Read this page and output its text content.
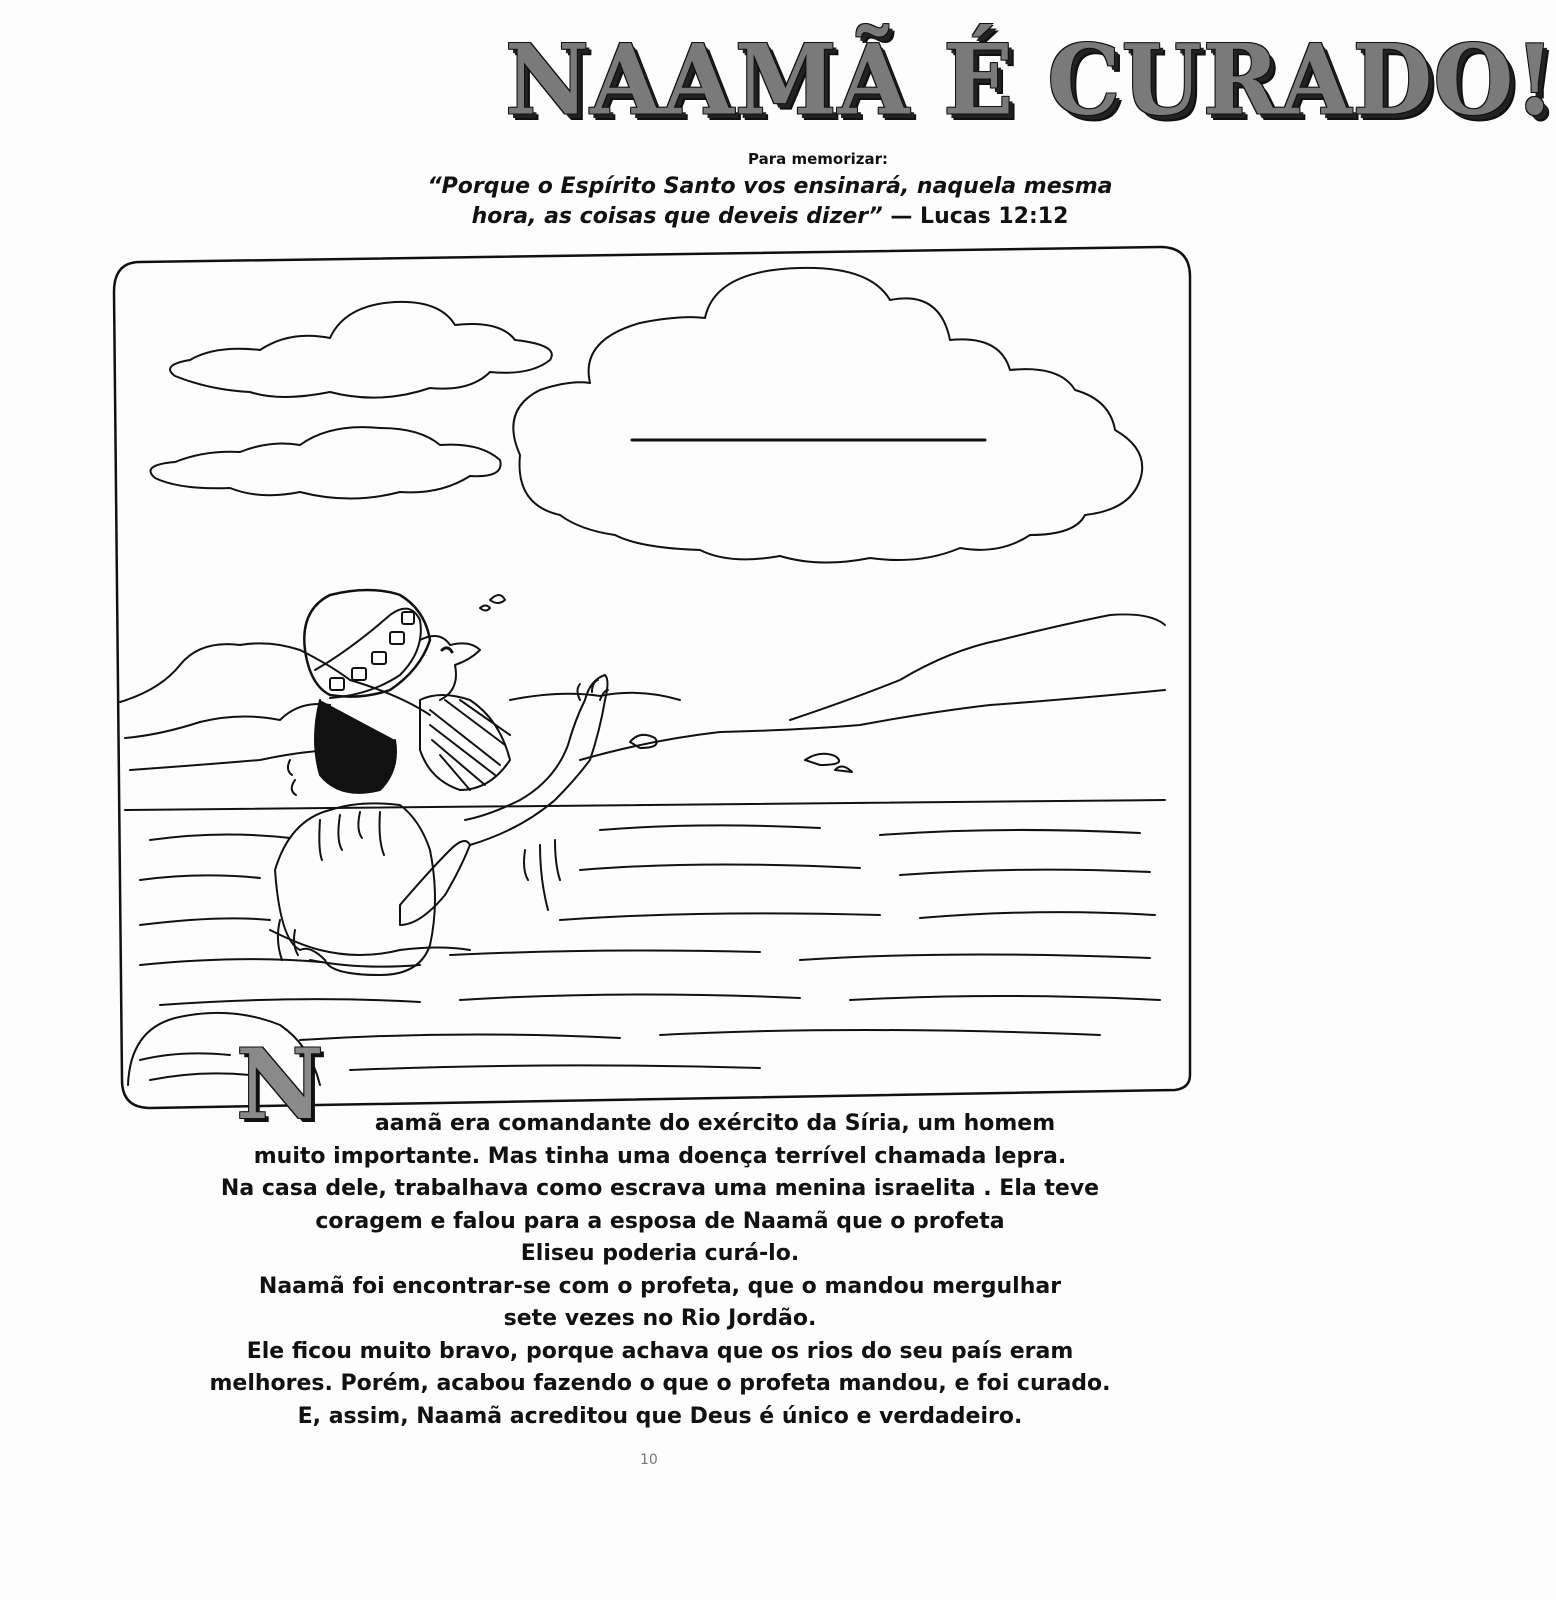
NAAMÃ É CURADO!
Para memorizar:
“Porque o Espírito Santo vos ensinará, naquela mesma
hora, as coisas que deveis dizer” — Lucas 12:12
N	aamã era comandante do exército da Síria, um homem
muito importante. Mas tinha uma doença terrível chamada lepra.
Na casa dele, trabalhava como escrava uma menina israelita . Ela teve
coragem e falou para a esposa de Naamã que o profeta
Eliseu poderia curá-lo.
Naamã foi encontrar-se com o profeta, que o mandou mergulhar
sete vezes no Rio Jordão.
Ele ficou muito bravo, porque achava que os rios do seu país eram
melhores. Porém, acabou fazendo o que o profeta mandou, e foi curado.
E, assim, Naamã acreditou que Deus é único e verdadeiro.
10
